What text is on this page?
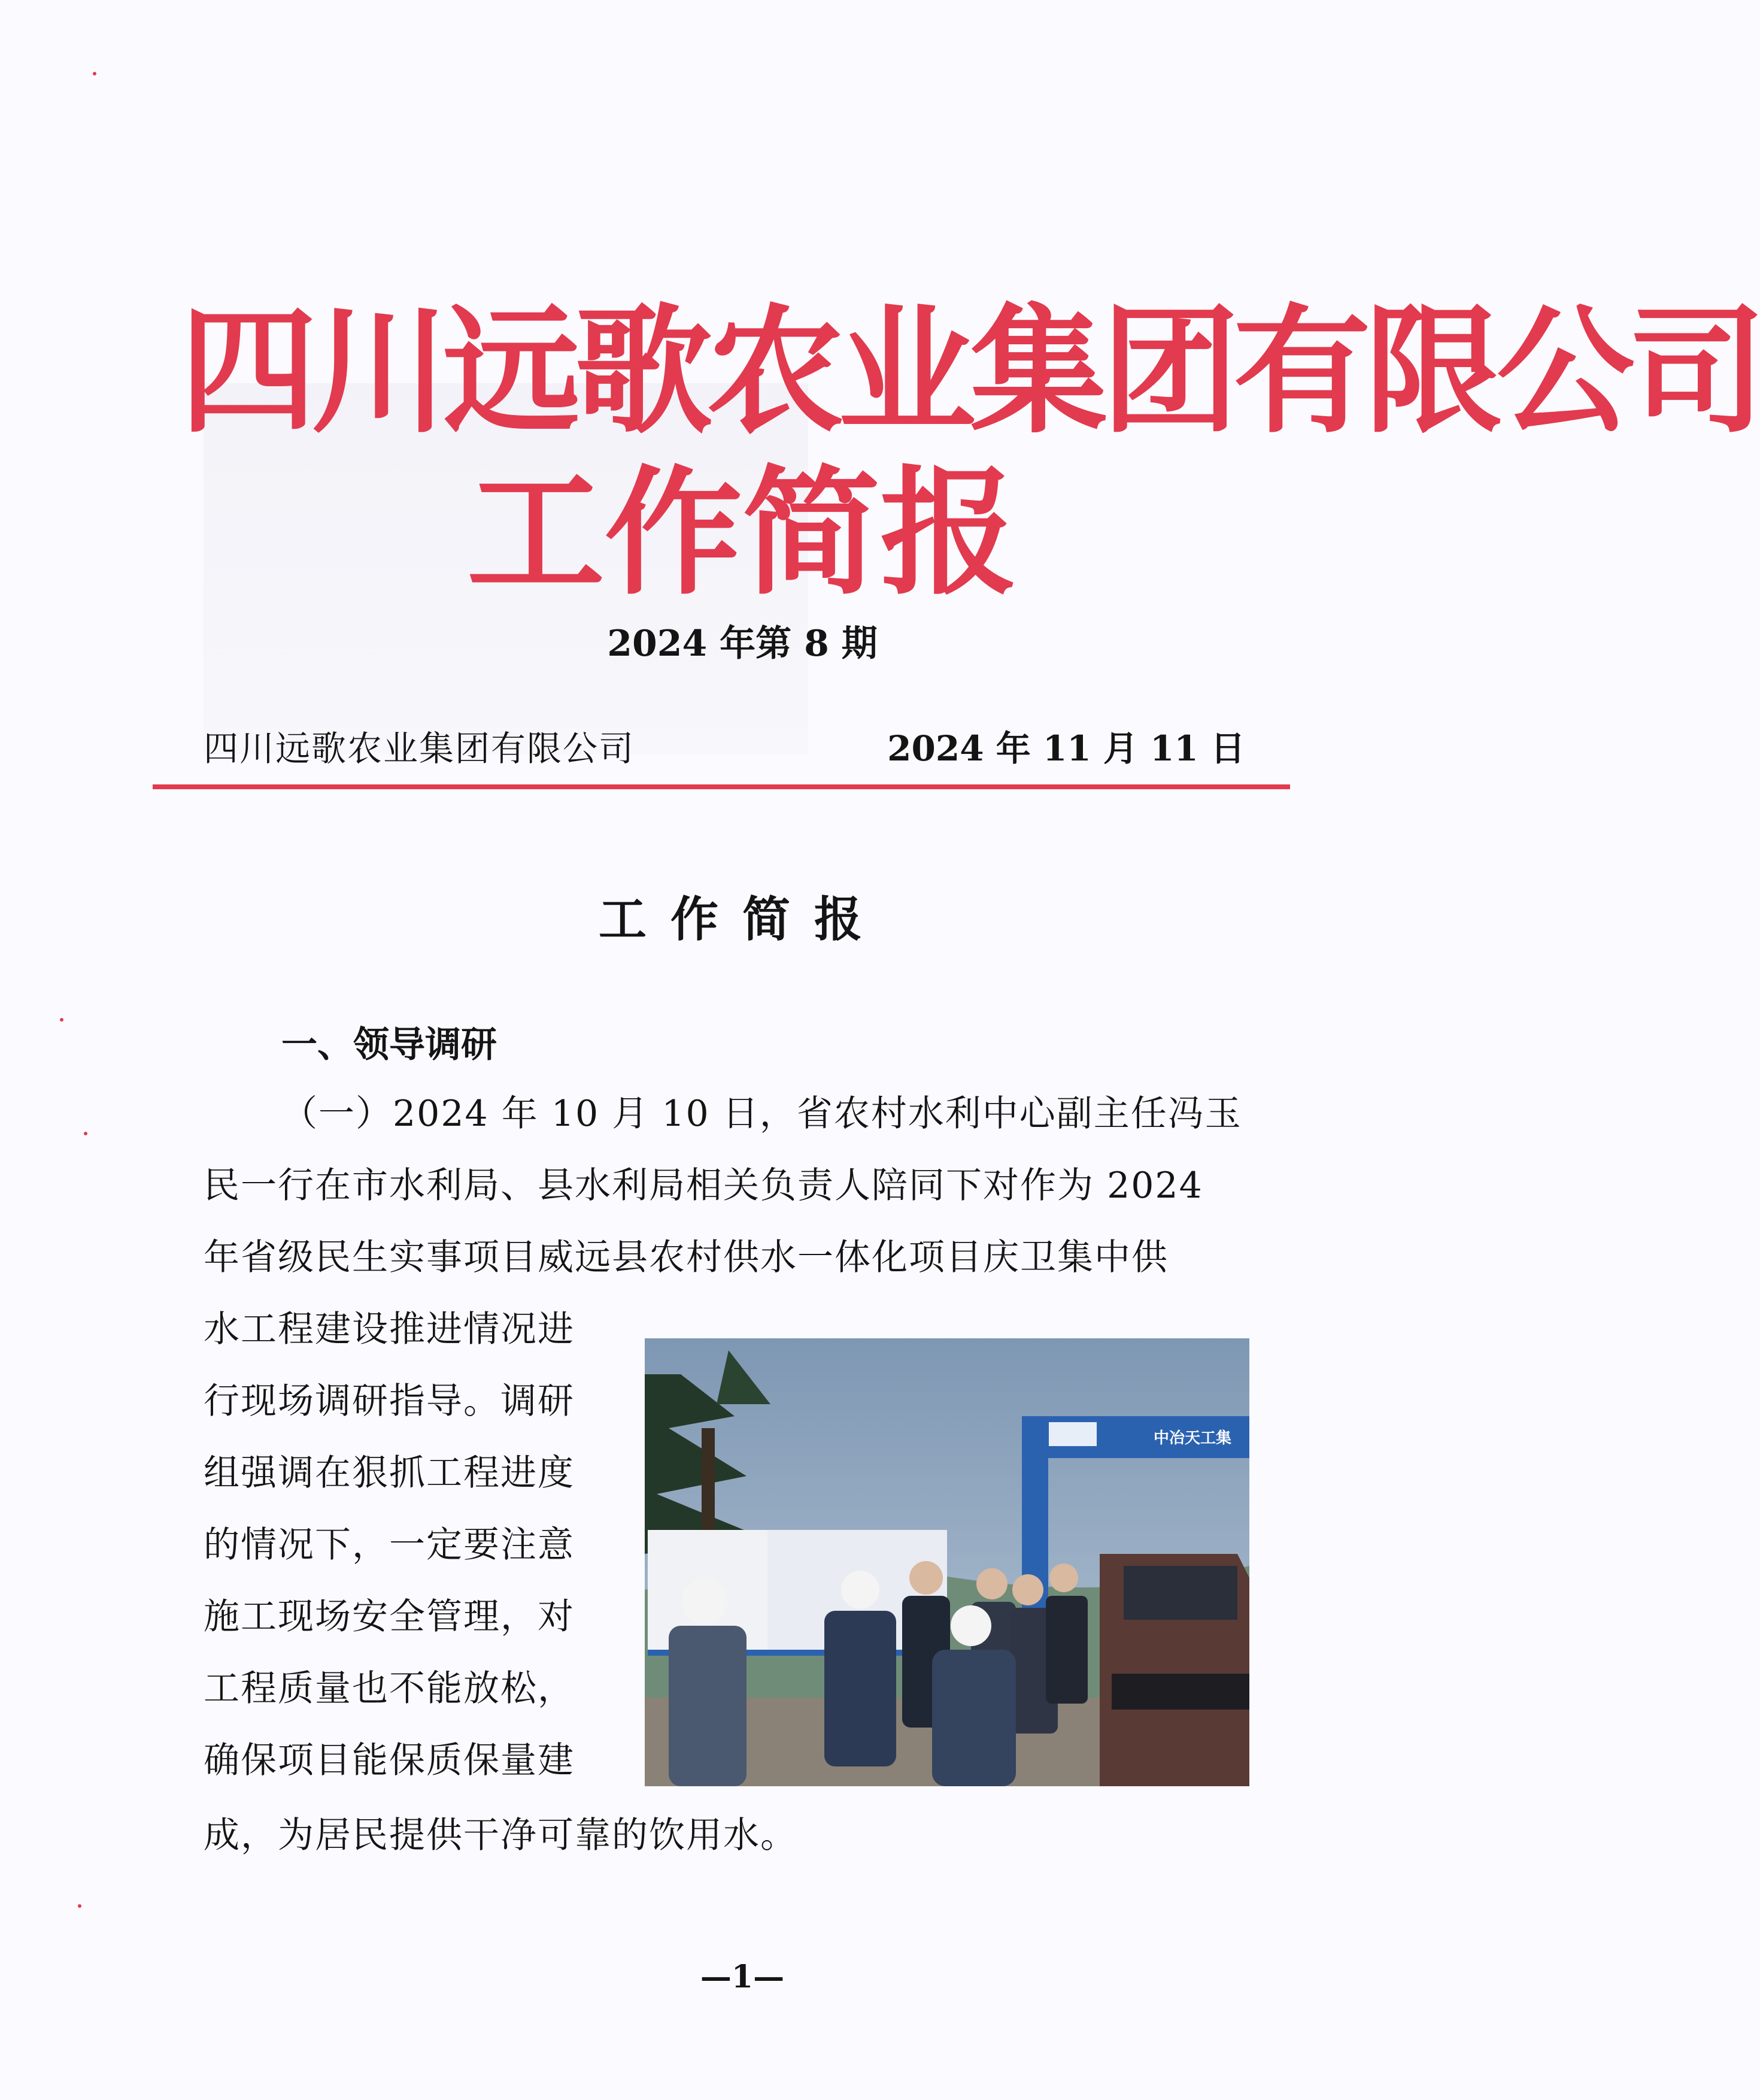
四川远歌农业集团有限公司
工作简报
2024 年第 8 期
四川远歌农业集团有限公司	2024 年 11 月 11 日
工作简报
一、领导调研
（一）2024 年 10 月 10 日，省农村水利中心副主任冯玉
民一行在市水利局、县水利局相关负责人陪同下对作为 2024
年省级民生实事项目威远县农村供水一体化项目庆卫集中供
水工程建设推进情况进
行现场调研指导。调研
组强调在狠抓工程进度
的情况下，一定要注意
施工现场安全管理，对
工程质量也不能放松，
确保项目能保质保量建
成，为居民提供干净可靠的饮用水。
中冶天工集
—1—
